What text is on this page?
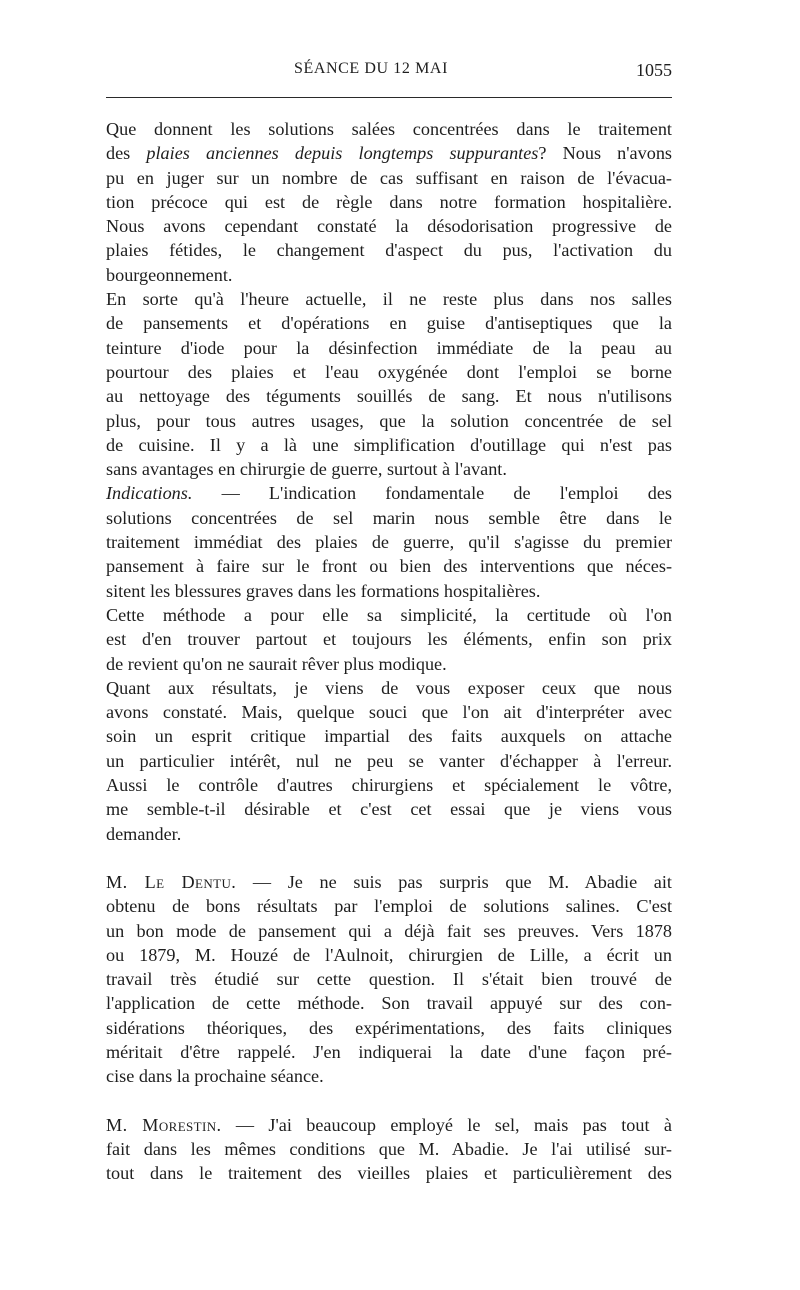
SÉANCE DU 12 MAI	1055

Que donnent les solutions salées concentrées dans le traitement
des plaies anciennes depuis longtemps suppurantes? Nous n'avons
pu en juger sur un nombre de cas suffisant en raison de l'évacua-
tion précoce qui est de règle dans notre formation hospitalière.
Nous avons cependant constaté la désodorisation progressive de
plaies fétides, le changement d'aspect du pus, l'activation du
bourgeonnement.

En sorte qu'à l'heure actuelle, il ne reste plus dans nos salles
de pansements et d'opérations en guise d'antiseptiques que la
teinture d'iode pour la désinfection immédiate de la peau au
pourtour des plaies et l'eau oxygénée dont l'emploi se borne
au nettoyage des téguments souillés de sang. Et nous n'utilisons
plus, pour tous autres usages, que la solution concentrée de sel
de cuisine. Il y a là une simplification d'outillage qui n'est pas
sans avantages en chirurgie de guerre, surtout à l'avant.

Indications. — L'indication fondamentale de l'emploi des
solutions concentrées de sel marin nous semble être dans le
traitement immédiat des plaies de guerre, qu'il s'agisse du premier
pansement à faire sur le front ou bien des interventions que néces-
sitent les blessures graves dans les formations hospitalières.

Cette méthode a pour elle sa simplicité, la certitude où l'on
est d'en trouver partout et toujours les éléments, enfin son prix
de revient qu'on ne saurait rêver plus modique.

Quant aux résultats, je viens de vous exposer ceux que nous
avons constaté. Mais, quelque souci que l'on ait d'interpréter avec
soin un esprit critique impartial des faits auxquels on attache
un particulier intérêt, nul ne peu se vanter d'échapper à l'erreur.
Aussi le contrôle d'autres chirurgiens et spécialement le vôtre,
me semble-t-il désirable et c'est cet essai que je viens vous
demander.

M. Le Dentu. — Je ne suis pas surpris que M. Abadie ait
obtenu de bons résultats par l'emploi de solutions salines. C'est
un bon mode de pansement qui a déjà fait ses preuves. Vers 1878
ou 1879, M. Houzé de l'Aulnoit, chirurgien de Lille, a écrit un
travail très étudié sur cette question. Il s'était bien trouvé de
l'application de cette méthode. Son travail appuyé sur des con-
sidérations théoriques, des expérimentations, des faits cliniques
méritait d'être rappelé. J'en indiquerai la date d'une façon pré-
cise dans la prochaine séance.

M. Morestin. — J'ai beaucoup employé le sel, mais pas tout à
fait dans les mêmes conditions que M. Abadie. Je l'ai utilisé sur-
tout dans le traitement des vieilles plaies et particulièrement des
